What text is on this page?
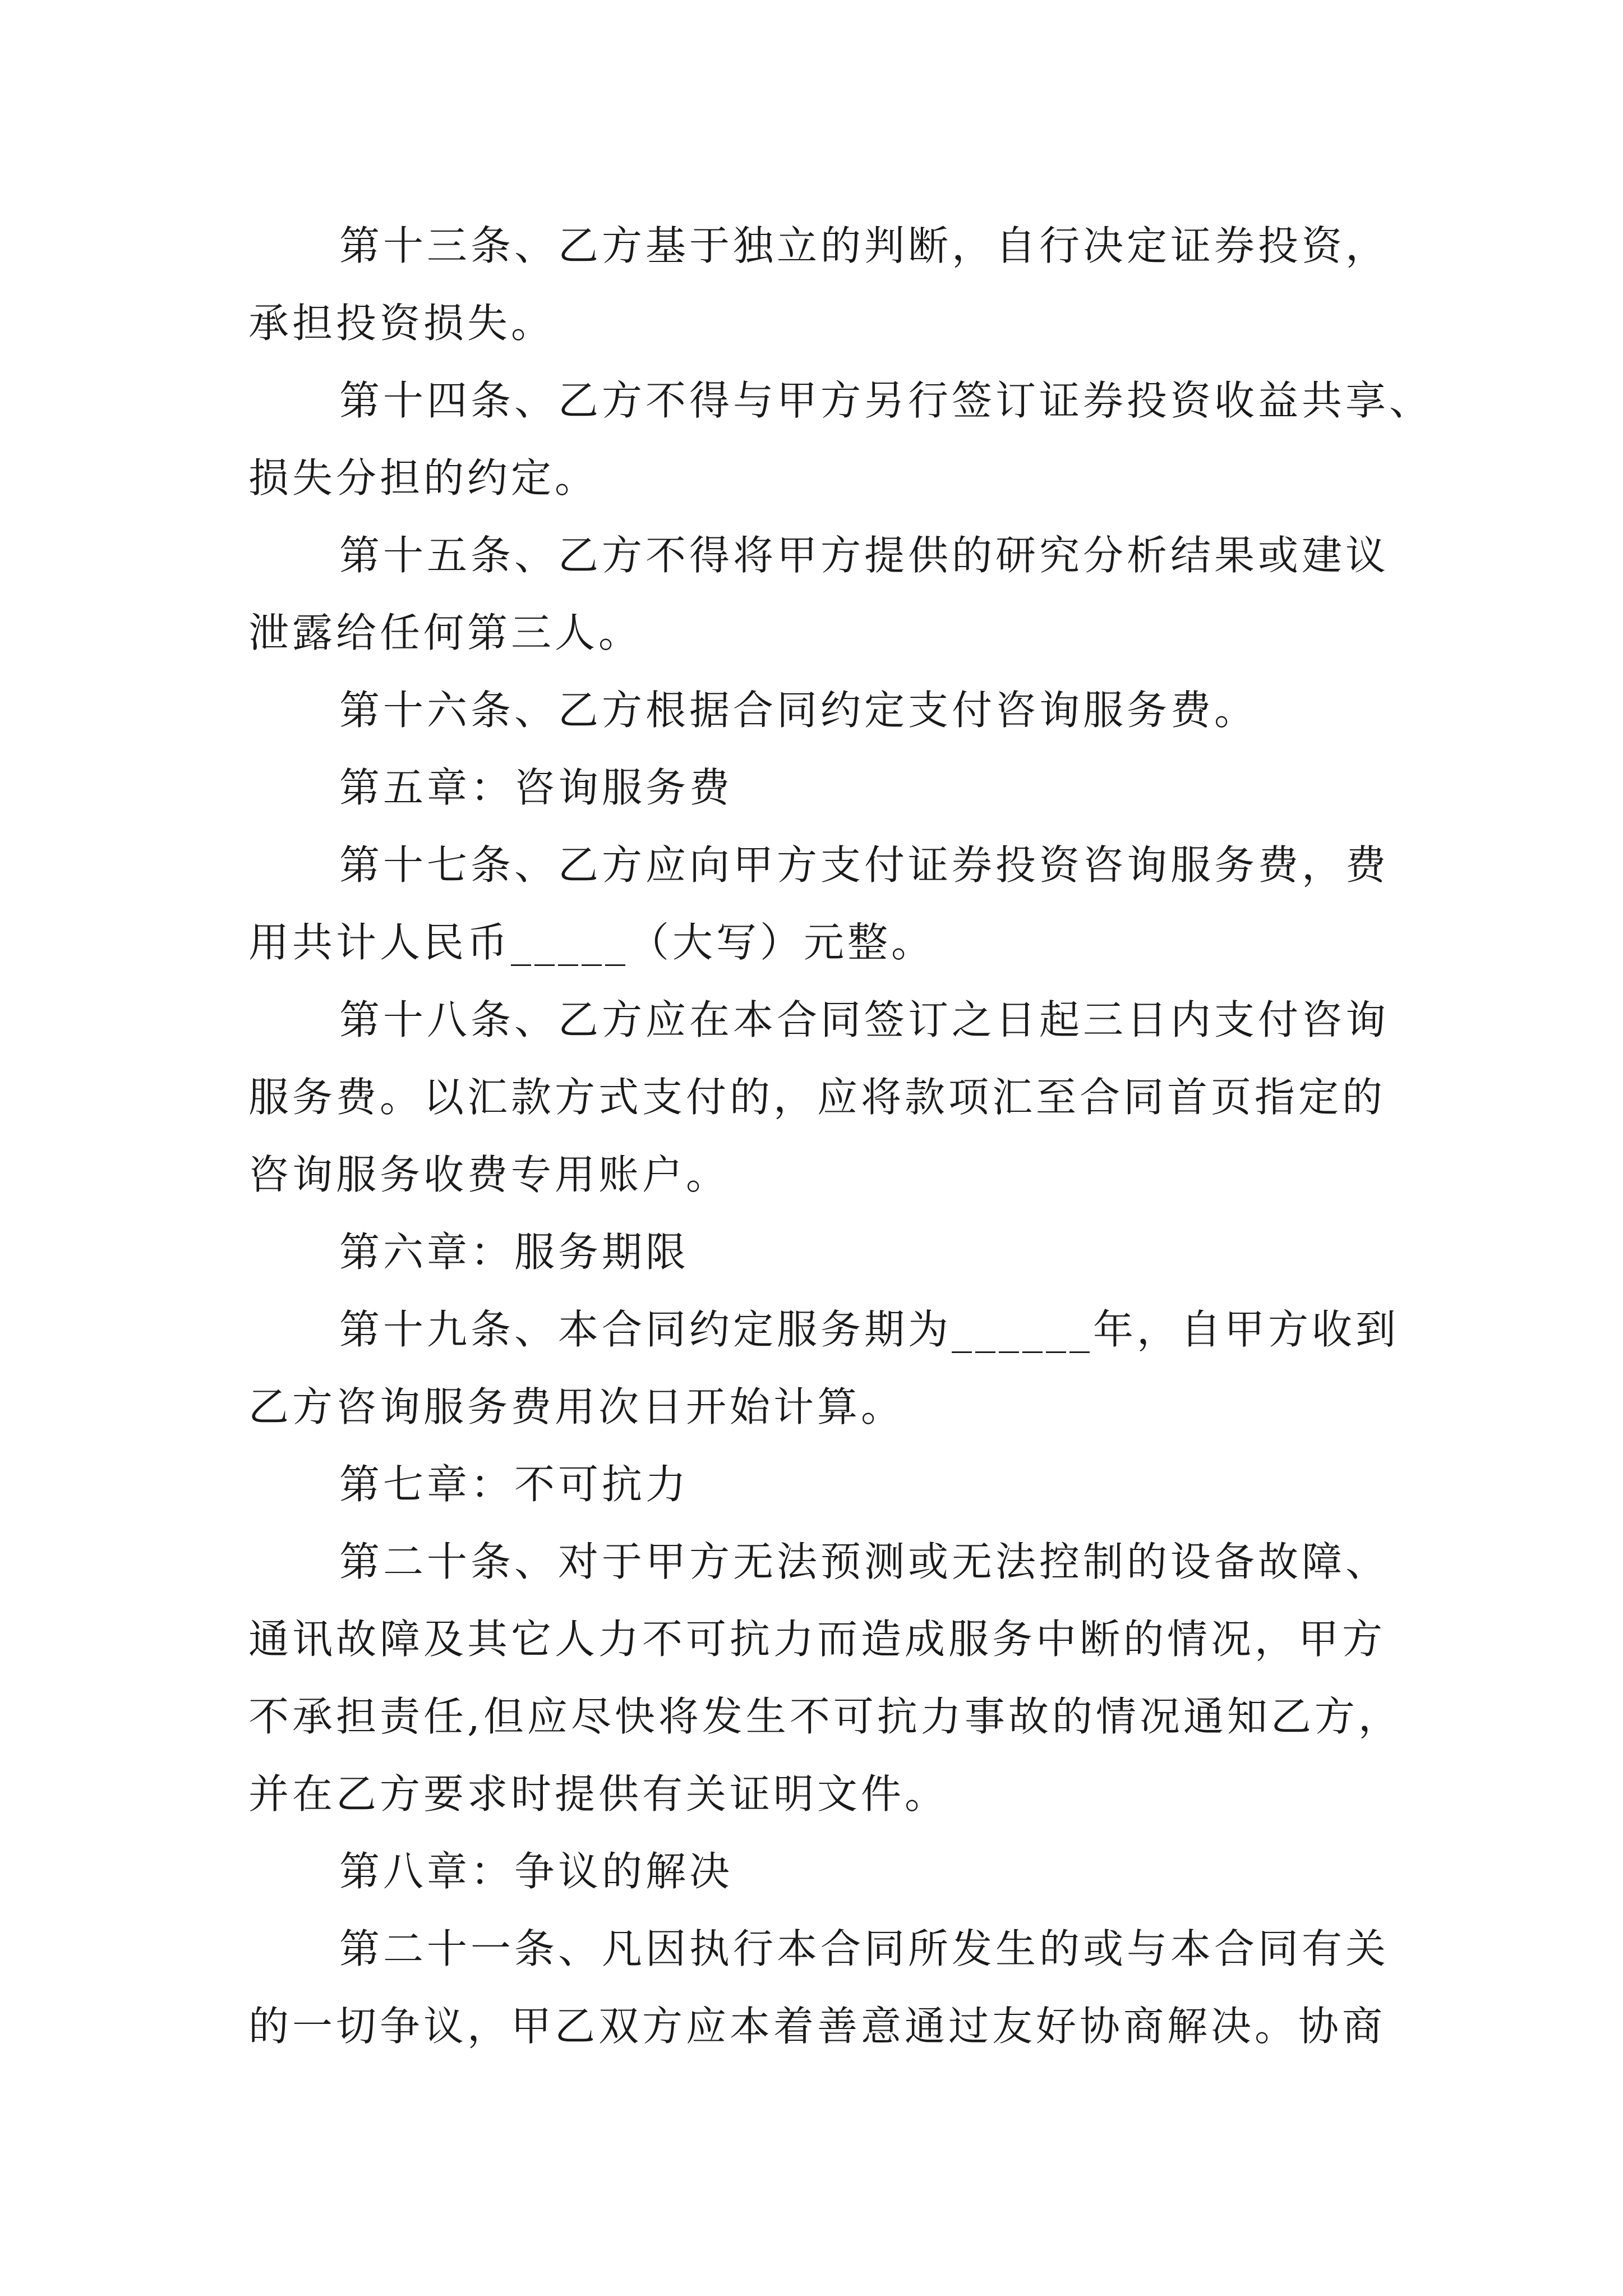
第十三条、乙方基于独立的判断，自行决定证券投资，
承担投资损失。
第十四条、乙方不得与甲方另行签订证券投资收益共享、
损失分担的约定。
第十五条、乙方不得将甲方提供的研究分析结果或建议
泄露给任何第三人。
第十六条、乙方根据合同约定支付咨询服务费。
第五章：咨询服务费
第十七条、乙方应向甲方支付证券投资咨询服务费，费
用共计人民币_____（大写）元整。
第十八条、乙方应在本合同签订之日起三日内支付咨询
服务费。以汇款方式支付的，应将款项汇至合同首页指定的
咨询服务收费专用账户。
第六章：服务期限
第十九条、本合同约定服务期为______年，自甲方收到
乙方咨询服务费用次日开始计算。
第七章：不可抗力
第二十条、对于甲方无法预测或无法控制的设备故障、
通讯故障及其它人力不可抗力而造成服务中断的情况，甲方
不承担责任,但应尽快将发生不可抗力事故的情况通知乙方，
并在乙方要求时提供有关证明文件。
第八章：争议的解决
第二十一条、凡因执行本合同所发生的或与本合同有关
的一切争议，甲乙双方应本着善意通过友好协商解决。协商
